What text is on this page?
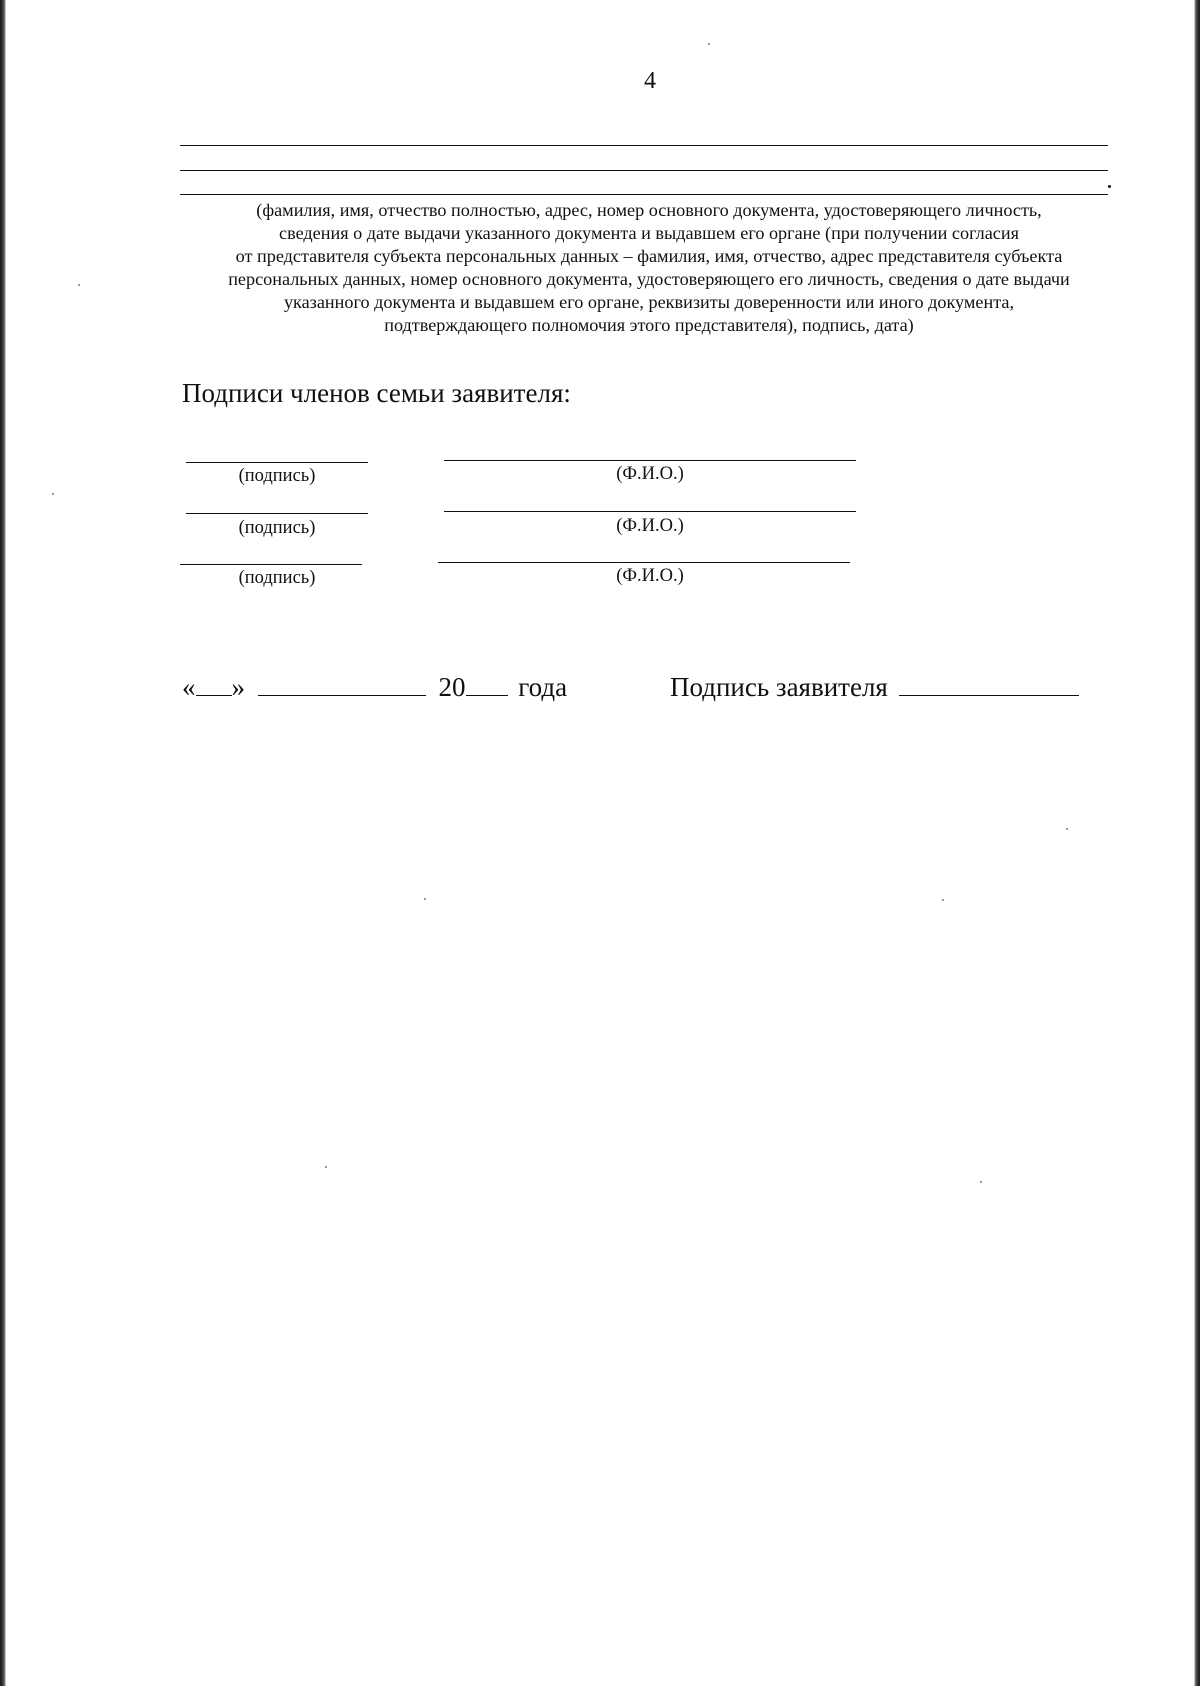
4
(фамилия, имя, отчество полностью, адрес, номер основного документа, удостоверяющего личность,
сведения о дате выдачи указанного документа и выдавшем его органе (при получении согласия
от представителя субъекта персональных данных – фамилия, имя, отчество, адрес представителя субъекта
персональных данных, номер основного документа, удостоверяющего его личность, сведения о дате выдачи
указанного документа и выдавшем его органе, реквизиты доверенности или иного документа,
подтверждающего полномочия этого представителя), подпись, дата)
Подписи членов семьи заявителя:
(подпись)	(Ф.И.О.)
(подпись)	(Ф.И.О.)
(подпись)	(Ф.И.О.)
« »	20 года	Подпись заявителя
